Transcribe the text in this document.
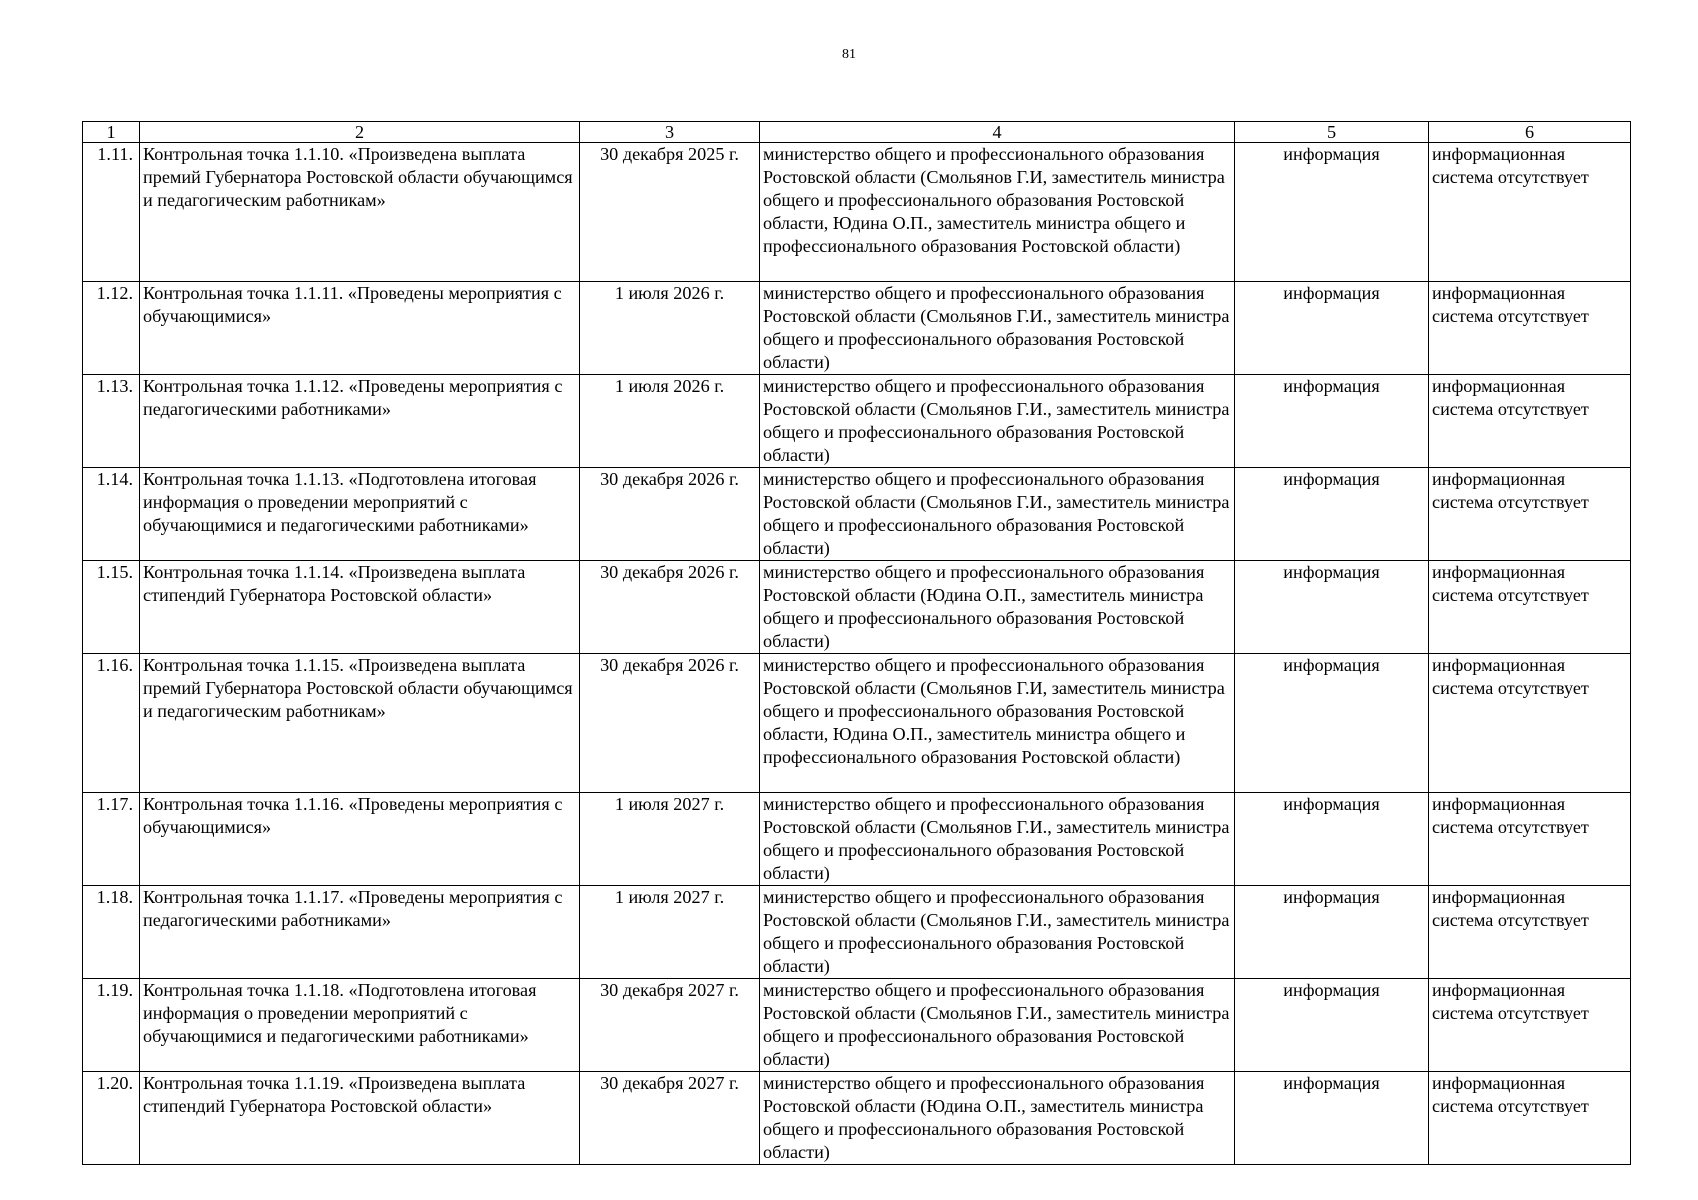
81
1	2	3	4	5	6
1.11.	Контрольная точка 1.1.10. «Произведена выплата премий Губернатора Ростовской области обучающимся и педагогическим работникам»	30 декабря 2025 г.	министерство общего и профессионального образования Ростовской области (Смольянов Г.И, заместитель министра общего и профессионального образования Ростовской области, Юдина О.П., заместитель министра общего и профессионального образования Ростовской области)	информация	информационная система отсутствует
1.12.	Контрольная точка 1.1.11. «Проведены мероприятия с обучающимися»	1 июля 2026 г.	министерство общего и профессионального образования Ростовской области (Смольянов Г.И., заместитель министра общего и профессионального образования Ростовской области)	информация	информационная система отсутствует
1.13.	Контрольная точка 1.1.12. «Проведены мероприятия с педагогическими работниками»	1 июля 2026 г.	министерство общего и профессионального образования Ростовской области (Смольянов Г.И., заместитель министра общего и профессионального образования Ростовской области)	информация	информационная система отсутствует
1.14.	Контрольная точка 1.1.13. «Подготовлена итоговая информация о проведении мероприятий с обучающимися и педагогическими работниками»	30 декабря 2026 г.	министерство общего и профессионального образования Ростовской области (Смольянов Г.И., заместитель министра общего и профессионального образования Ростовской области)	информация	информационная система отсутствует
1.15.	Контрольная точка 1.1.14. «Произведена выплата стипендий Губернатора Ростовской области»	30 декабря 2026 г.	министерство общего и профессионального образования Ростовской области (Юдина О.П., заместитель министра общего и профессионального образования Ростовской области)	информация	информационная система отсутствует
1.16.	Контрольная точка 1.1.15. «Произведена выплата премий Губернатора Ростовской области обучающимся и педагогическим работникам»	30 декабря 2026 г.	министерство общего и профессионального образования Ростовской области (Смольянов Г.И, заместитель министра общего и профессионального образования Ростовской области, Юдина О.П., заместитель министра общего и профессионального образования Ростовской области)	информация	информационная система отсутствует
1.17.	Контрольная точка 1.1.16. «Проведены мероприятия с обучающимися»	1 июля 2027 г.	министерство общего и профессионального образования Ростовской области (Смольянов Г.И., заместитель министра общего и профессионального образования Ростовской области)	информация	информационная система отсутствует
1.18.	Контрольная точка 1.1.17. «Проведены мероприятия с педагогическими работниками»	1 июля 2027 г.	министерство общего и профессионального образования Ростовской области (Смольянов Г.И., заместитель министра общего и профессионального образования Ростовской области)	информация	информационная система отсутствует
1.19.	Контрольная точка 1.1.18. «Подготовлена итоговая информация о проведении мероприятий с обучающимися и педагогическими работниками»	30 декабря 2027 г.	министерство общего и профессионального образования Ростовской области (Смольянов Г.И., заместитель министра общего и профессионального образования Ростовской области)	информация	информационная система отсутствует
1.20.	Контрольная точка 1.1.19. «Произведена выплата стипендий Губернатора Ростовской области»	30 декабря 2027 г.	министерство общего и профессионального образования Ростовской области (Юдина О.П., заместитель министра общего и профессионального образования Ростовской области)	информация	информационная система отсутствует
